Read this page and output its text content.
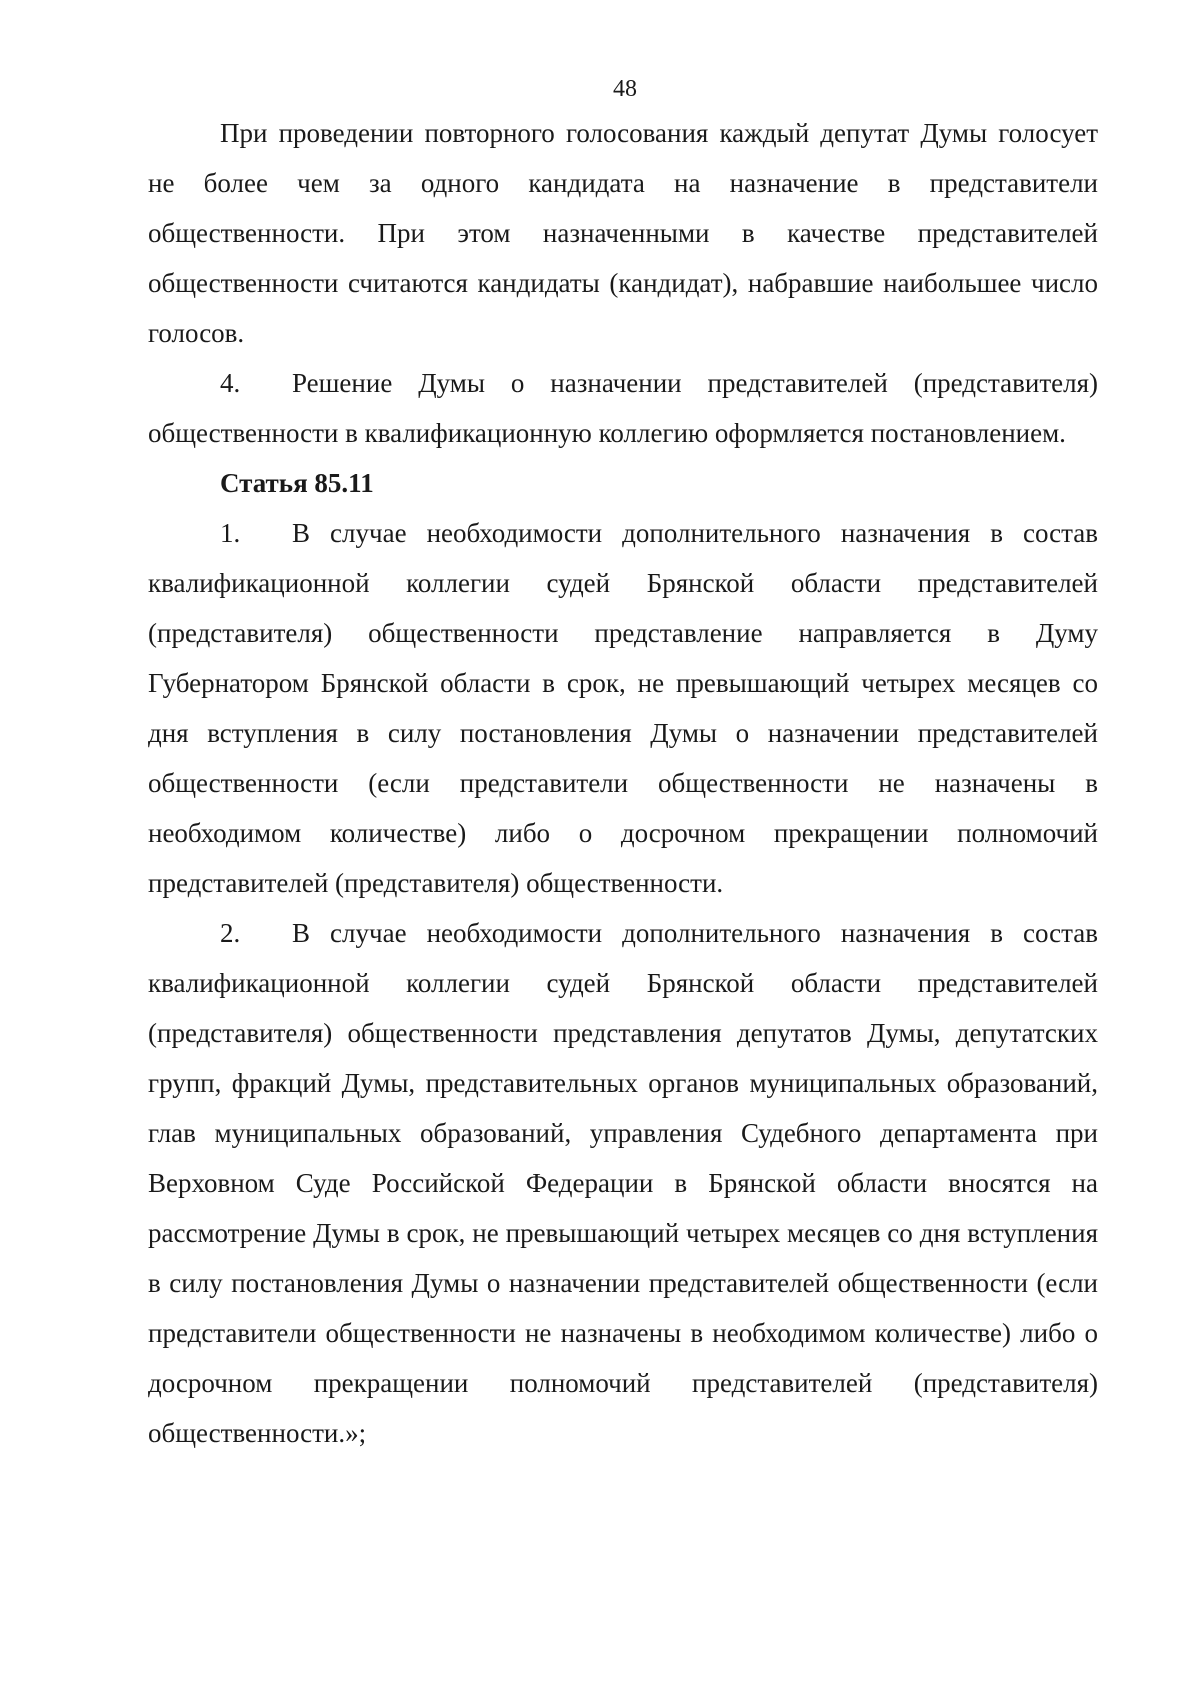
48

При проведении повторного голосования каждый депутат Думы голосует не более чем за одного кандидата на назначение в представители общественности. При этом назначенными в качестве представителей общественности считаются кандидаты (кандидат), набравшие наибольшее число голосов.

4. Решение Думы о назначении представителей (представителя) общественности в квалификационную коллегию оформляется постановлением.

Статья 85.11

1. В случае необходимости дополнительного назначения в состав квалификационной коллегии судей Брянской области представителей (представителя) общественности представление направляется в Думу Губернатором Брянской области в срок, не превышающий четырех месяцев со дня вступления в силу постановления Думы о назначении представителей общественности (если представители общественности не назначены в необходимом количестве) либо о досрочном прекращении полномочий представителей (представителя) общественности.

2. В случае необходимости дополнительного назначения в состав квалификационной коллегии судей Брянской области представителей (представителя) общественности представления депутатов Думы, депутатских групп, фракций Думы, представительных органов муниципальных образований, глав муниципальных образований, управления Судебного департамента при Верховном Суде Российской Федерации в Брянской области вносятся на рассмотрение Думы в срок, не превышающий четырех месяцев со дня вступления в силу постановления Думы о назначении представителей общественности (если представители общественности не назначены в необходимом количестве) либо о досрочном прекращении полномочий представителей (представителя) общественности.»;
